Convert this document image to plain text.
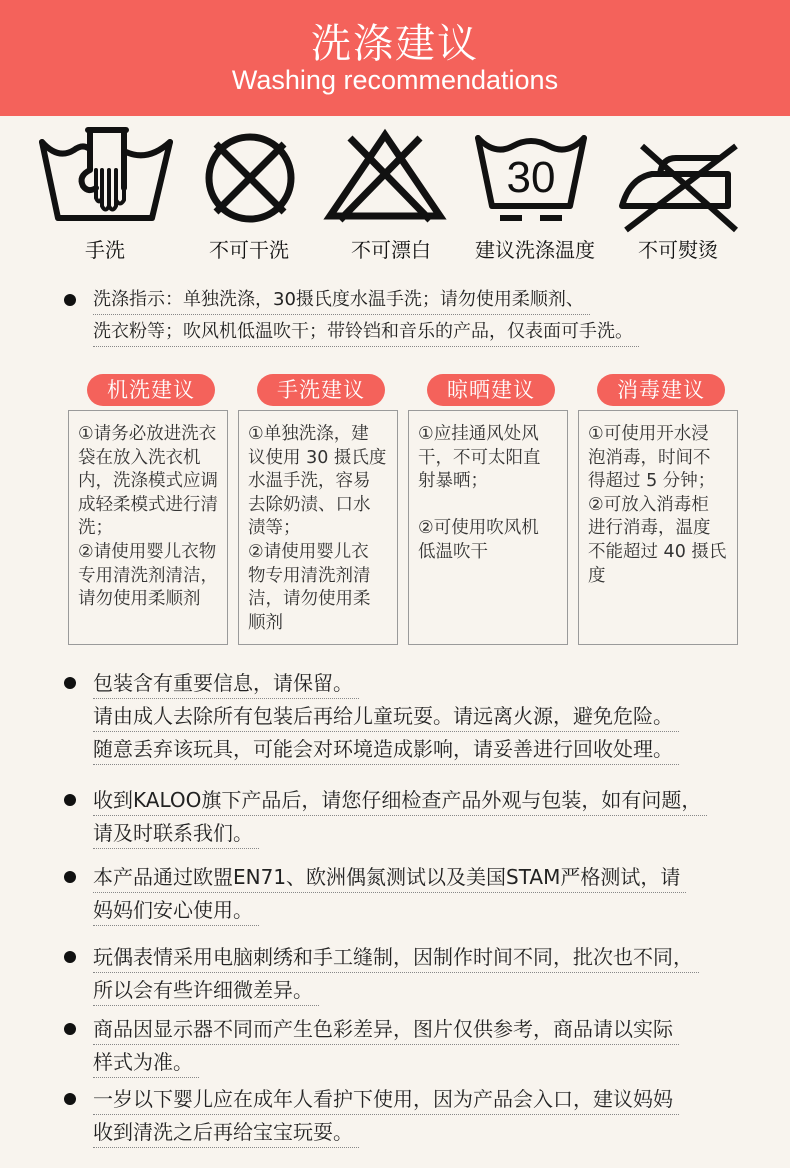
洗涤建议
Washing recommendations
30
手洗	不可干洗	不可漂白	建议洗涤温度	不可熨烫
洗涤指示：单独洗涤，30摄氏度水温手洗；请勿使用柔顺剂、
洗衣粉等；吹风机低温吹干；带铃铛和音乐的产品，仅表面可手洗。
机洗建议	手洗建议	晾晒建议	消毒建议
①请务必放进洗衣
袋在放入洗衣机
内，洗涤模式应调
成轻柔模式进行清
洗；
②请使用婴儿衣物
专用清洗剂清洁，
请勿使用柔顺剂
①单独洗涤，建
议使用 30 摄氏度
水温手洗，容易
去除奶渍、口水
渍等；
②请使用婴儿衣
物专用清洗剂清
洁，请勿使用柔
顺剂
①应挂通风处风
干，不可太阳直
射暴晒；
②可使用吹风机
低温吹干
①可使用开水浸
泡消毒，时间不
得超过 5 分钟；
②可放入消毒柜
进行消毒，温度
不能超过 40 摄氏
度
包装含有重要信息，请保留。
请由成人去除所有包装后再给儿童玩耍。请远离火源，避免危险。
随意丢弃该玩具，可能会对环境造成影响，请妥善进行回收处理。
收到KALOO旗下产品后，请您仔细检查产品外观与包装，如有问题，
请及时联系我们。
本产品通过欧盟EN71、欧洲偶氮测试以及美国STAM严格测试，请
妈妈们安心使用。
玩偶表情采用电脑刺绣和手工缝制，因制作时间不同，批次也不同，
所以会有些许细微差异。
商品因显示器不同而产生色彩差异，图片仅供参考，商品请以实际
样式为准。
一岁以下婴儿应在成年人看护下使用，因为产品会入口，建议妈妈
收到清洗之后再给宝宝玩耍。
